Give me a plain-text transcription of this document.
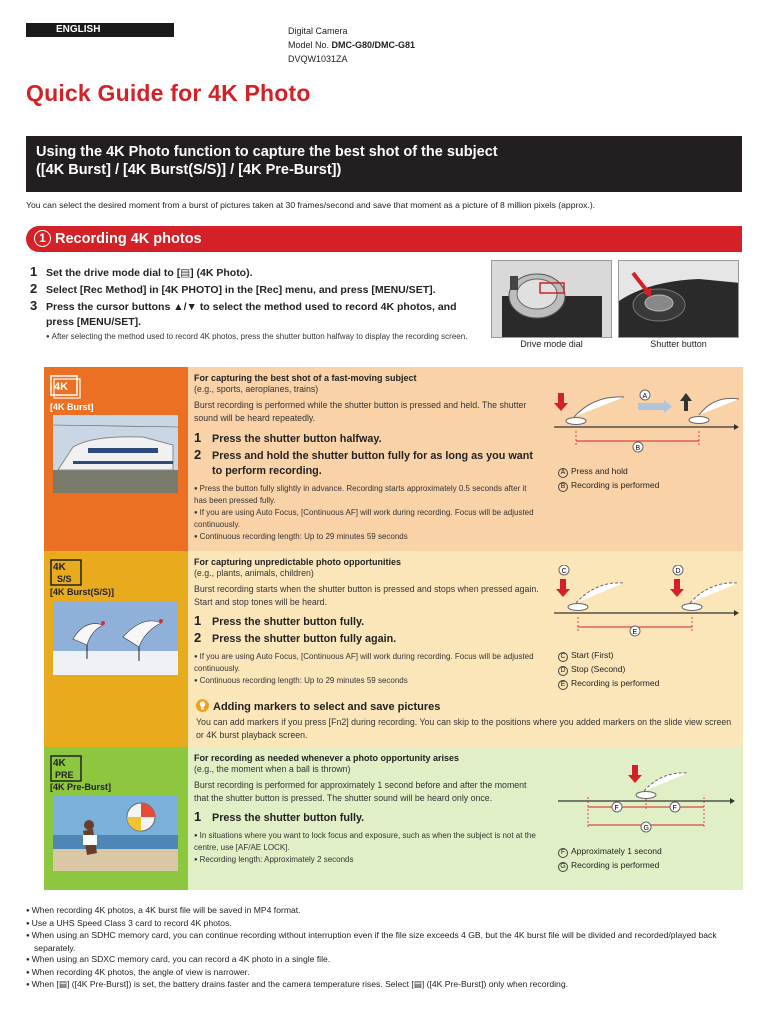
ENGLISH	Digital Camera
Model No. DMC-G80/DMC-G81
DVQW1031ZA
Quick Guide for 4K Photo
Using the 4K Photo function to capture the best shot of the subject
([4K Burst] / [4K Burst(S/S)] / [4K Pre-Burst])
You can select the desired moment from a burst of pictures taken at 30 frames/second and save that moment as a picture of 8 million pixels (approx.).
1 Recording 4K photos
1 Set the drive mode dial to [▤] (4K Photo).
2 Select [Rec Method] in [4K PHOTO] in the [Rec] menu, and press [MENU/SET].
3 Press the cursor buttons ▲/▼ to select the method used to record 4K photos, and press [MENU/SET].
● After selecting the method used to record 4K photos, press the shutter button halfway to display the recording screen.
Drive mode dial	Shutter button
4K
[4K Burst]
For capturing the best shot of a fast-moving subject
(e.g., sports, aeroplanes, trains)
Burst recording is performed while the shutter button is pressed and held. The shutter sound will be heard repeatedly.
1 Press the shutter button halfway.
2 Press and hold the shutter button fully for as long as you want to perform recording.
● Press the button fully slightly in advance. Recording starts approximately 0.5 seconds after it has been pressed fully.
● If you are using Auto Focus, [Continuous AF] will work during recording. Focus will be adjusted continuously.
● Continuous recording length: Up to 29 minutes 59 seconds
A
B
A Press and hold
B Recording is performed
4K
S/S
[4K Burst(S/S)]
For capturing unpredictable photo opportunities
(e.g., plants, animals, children)
Burst recording starts when the shutter button is pressed and stops when pressed again. Start and stop tones will be heard.
1 Press the shutter button fully.
2 Press the shutter button fully again.
● If you are using Auto Focus, [Continuous AF] will work during recording. Focus will be adjusted continuously.
● Continuous recording length: Up to 29 minutes 59 seconds
C	D
E
C Start (First)
D Stop (Second)
E Recording is performed
Adding markers to select and save pictures
You can add markers if you press [Fn2] during recording. You can skip to the positions where you added markers on the slide view screen or 4K burst playback screen.
4K
PRE
[4K Pre-Burst]
For recording as needed whenever a photo opportunity arises
(e.g., the moment when a ball is thrown)
Burst recording is performed for approximately 1 second before and after the moment that the shutter button is pressed. The shutter sound will be heard only once.
1 Press the shutter button fully.
● In situations where you want to lock focus and exposure, such as when the subject is not at the centre, use [AF/AE LOCK].
● Recording length: Approximately 2 seconds
F	F
G
F Approximately 1 second
G Recording is performed
● When recording 4K photos, a 4K burst file will be saved in MP4 format.
● Use a UHS Speed Class 3 card to record 4K photos.
● When using an SDHC memory card, you can continue recording without interruption even if the file size exceeds 4 GB, but the 4K burst file will be divided and recorded/played back separately.
● When using an SDXC memory card, you can record a 4K photo in a single file.
● When recording 4K photos, the angle of view is narrower.
● When [▤] ([4K Pre-Burst]) is set, the battery drains faster and the camera temperature rises. Select [▤] ([4K Pre-Burst]) only when recording.
